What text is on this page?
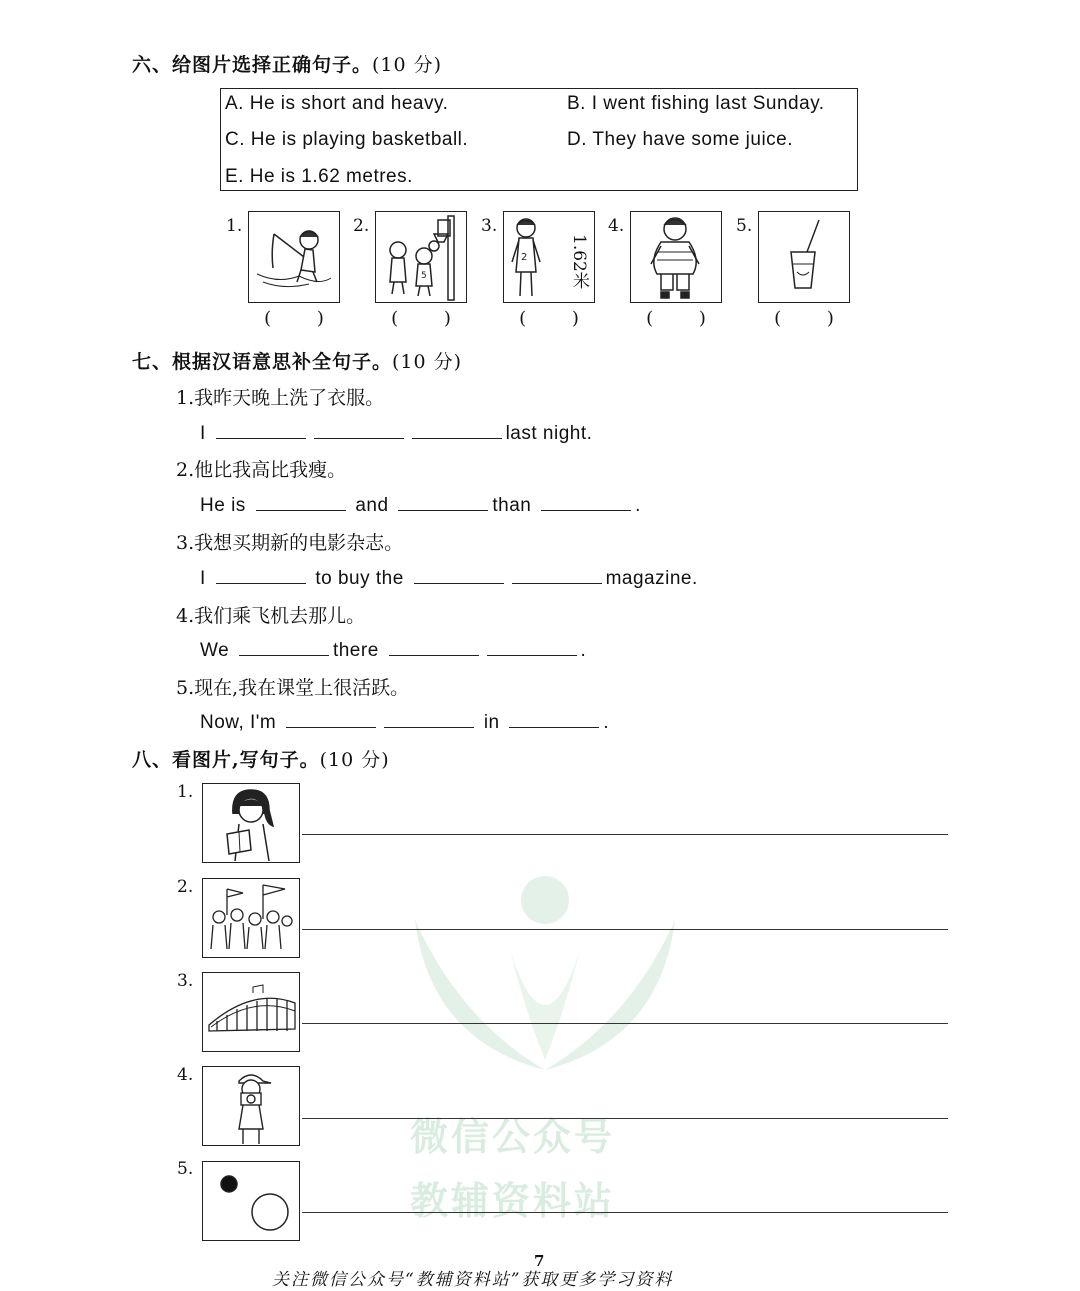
微信公众号
教辅资料站
六、给图片选择正确句子。(10 分)
A. He is short and heavy.	B. I went fishing last Sunday.
C. He is playing basketball.	D. They have some juice.
E. He is 1.62 metres.
1.
( )
2.
5
( )
3.
2	1.62米
( )
4.
( )
5.
( )
七、根据汉语意思补全句子。(10 分)
1.我昨天晚上洗了衣服。
I	last night.
2.他比我高比我瘦。
He is	and	than	.
3.我想买期新的电影杂志。
I	to buy the	magazine.
4.我们乘飞机去那儿。
We	there	.
5.现在,我在课堂上很活跃。
Now, I'm	in	.
八、看图片,写句子。(10 分)
1.
2.
3.
4.
5.
关注微信公众号“教辅资料站”获取更多学习资料
7
